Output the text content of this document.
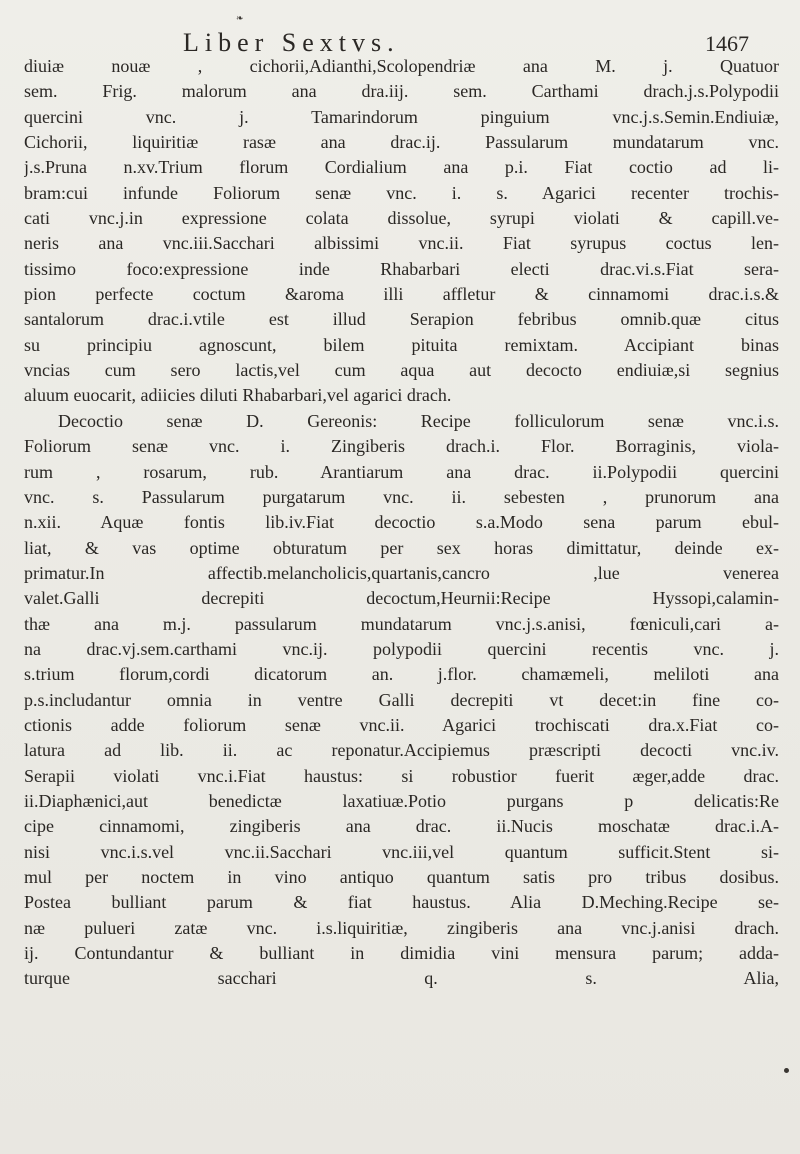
❧
Liber Sextvs.	1467
diuiæ nouæ , cichorii,Adianthi,Scolopendriæ ana M. j. Quatuor
sem. Frig. malorum ana dra.iij. sem. Carthami drach.j.s.Polypodii
quercini vnc. j. Tamarindorum pinguium vnc.j.s.Semin.Endiuiæ,
Cichorii, liquiritiæ rasæ ana drac.ij. Passularum mundatarum vnc.
j.s.Pruna n.xv.Trium florum Cordialium ana p.i. Fiat coctio ad li-
bram:cui infunde Foliorum senæ vnc. i. s. Agarici recenter trochis-
cati vnc.j.in expressione colata dissolue, syrupi violati & capill.ve-
neris ana vnc.iii.Sacchari albissimi vnc.ii. Fiat syrupus coctus len-
tissimo foco:expressione inde Rhabarbari electi drac.vi.s.Fiat sera-
pion perfecte coctum &aroma illi affletur & cinnamomi drac.i.s.&
santalorum drac.i.vtile est illud Serapion febribus omnib.quæ citus
su principiu agnoscunt, bilem pituita remixtam. Accipiant binas
vncias cum sero lactis,vel cum aqua aut decocto endiuiæ,si segnius
aluum euocarit, adiicies diluti Rhabarbari,vel agarici drach.
Decoctio senæ D. Gereonis: Recipe folliculorum senæ vnc.i.s.
Foliorum senæ vnc. i. Zingiberis drach.i. Flor. Borraginis, viola-
rum , rosarum, rub. Arantiarum ana drac. ii.Polypodii quercini
vnc. s. Passularum purgatarum vnc. ii. sebesten , prunorum ana
n.xii. Aquæ fontis lib.iv.Fiat decoctio s.a.Modo sena parum ebul-
liat, & vas optime obturatum per sex horas dimittatur, deinde ex-
primatur.In affectib.melancholicis,quartanis,cancro ,lue venerea
valet.Galli decrepiti decoctum,Heurnii:Recipe Hyssopi,calamin-
thæ ana m.j. passularum mundatarum vnc.j.s.anisi, fœniculi,cari a-
na drac.vj.sem.carthami vnc.ij. polypodii quercini recentis vnc. j.
s.trium florum,cordi dicatorum an. j.flor. chamæmeli, meliloti ana
p.s.includantur omnia in ventre Galli decrepiti vt decet:in fine co-
ctionis adde foliorum senæ vnc.ii. Agarici trochiscati dra.x.Fiat co-
latura ad lib. ii. ac reponatur.Accipiemus præscripti decocti vnc.iv.
Serapii violati vnc.i.Fiat haustus: si robustior fuerit æger,adde drac.
ii.Diaphænici,aut benedictæ laxatiuæ.Potio purgans p delicatis:Re
cipe cinnamomi, zingiberis ana drac. ii.Nucis moschatæ drac.i.A-
nisi vnc.i.s.vel vnc.ii.Sacchari vnc.iii,vel quantum sufficit.Stent si-
mul per noctem in vino antiquo quantum satis pro tribus dosibus.
Postea bulliant parum & fiat haustus. Alia D.Meching.Recipe se-
næ pulueri zatæ vnc. i.s.liquiritiæ, zingiberis ana vnc.j.anisi drach.
ij. Contundantur & bulliant in dimidia vini mensura parum; adda-
turque sacchari q. s. Alia,
